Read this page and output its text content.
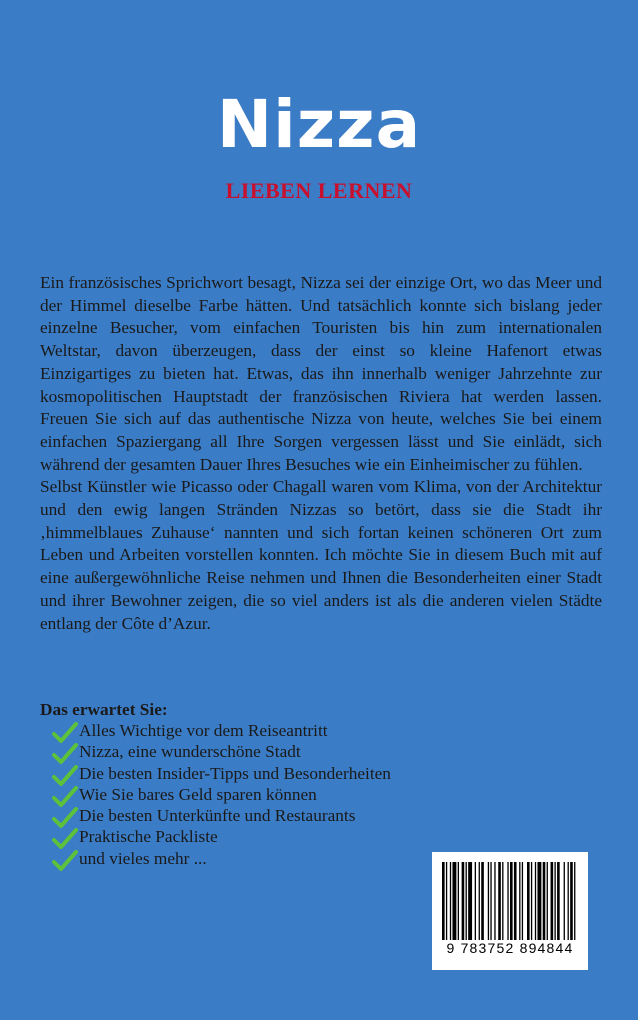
Nizza
LIEBEN LERNEN

Ein französisches Sprichwort besagt, Nizza sei der einzige Ort, wo das Meer und der Himmel dieselbe Farbe hätten. Und tatsächlich konnte sich bislang jeder einzelne Besucher, vom einfachen Touristen bis hin zum internationalen Weltstar, davon überzeugen, dass der einst so kleine Hafenort etwas Einzigartiges zu bieten hat. Etwas, das ihn innerhalb weniger Jahrzehnte zur kosmopolitischen Hauptstadt der französischen Riviera hat werden lassen. Freuen Sie sich auf das authentische Nizza von heute, welches Sie bei einem einfachen Spaziergang all Ihre Sorgen vergessen lässt und Sie einlädt, sich während der gesamten Dauer Ihres Besuches wie ein Einheimischer zu fühlen.

Selbst Künstler wie Picasso oder Chagall waren vom Klima, von der Architektur und den ewig langen Stränden Nizzas so betört, dass sie die Stadt ihr ‚himmelblaues Zuhause‘ nannten und sich fortan keinen schöneren Ort zum Leben und Arbeiten vorstellen konnten. Ich möchte Sie in diesem Buch mit auf eine außergewöhnliche Reise nehmen und Ihnen die Besonderheiten einer Stadt und ihrer Bewohner zeigen, die so viel anders ist als die anderen vielen Städte entlang der Côte d’Azur.

Das erwartet Sie:
Alles Wichtige vor dem Reiseantritt
Nizza, eine wunderschöne Stadt
Die besten Insider-Tipps und Besonderheiten
Wie Sie bares Geld sparen können
Die besten Unterkünfte und Restaurants
Praktische Packliste
und vieles mehr ...
9 783752 894844
